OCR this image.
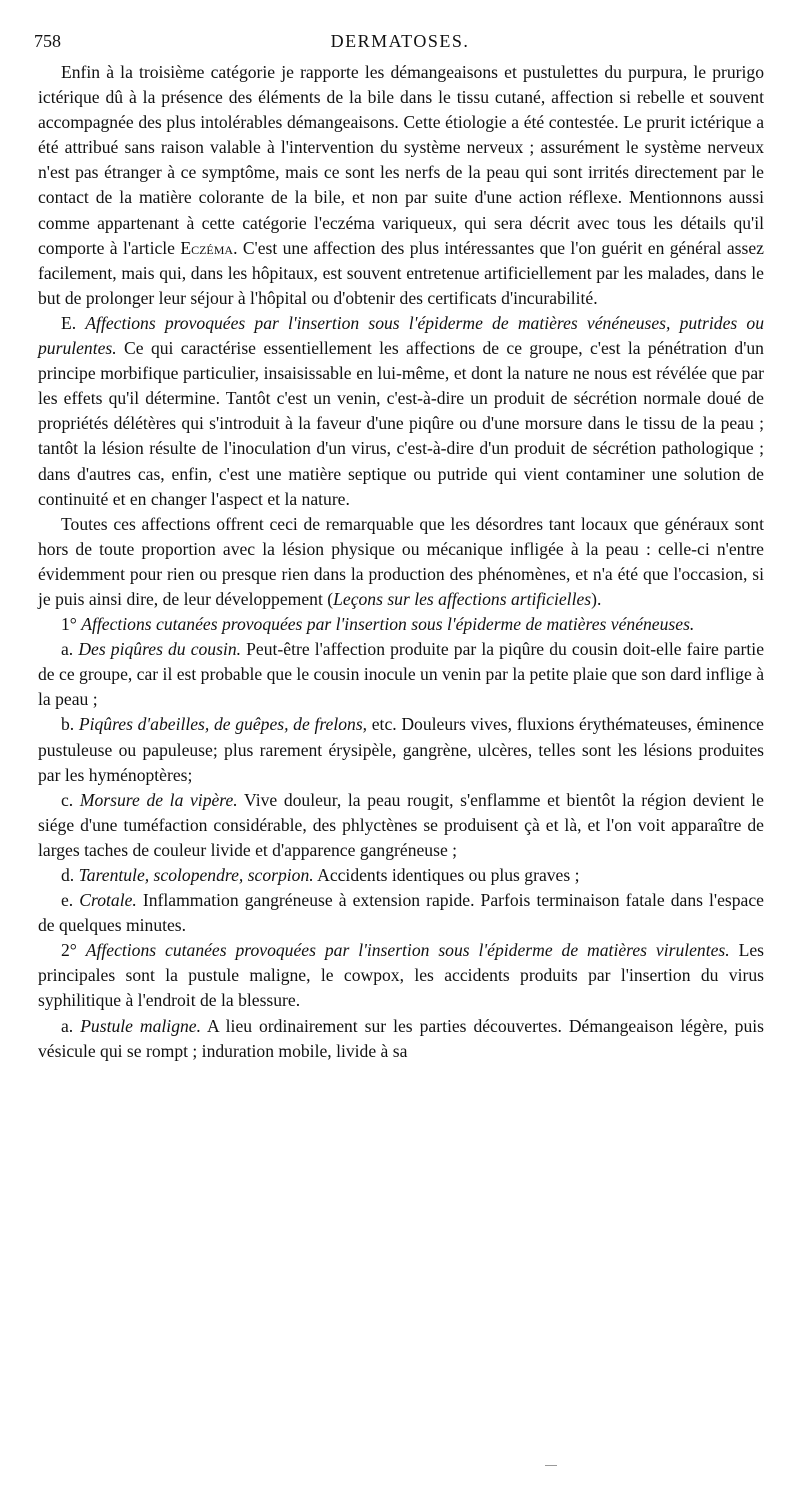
758	DERMATOSES.

Enfin à la troisième catégorie je rapporte les démangeaisons et pustulettes du purpura, le prurigo ictérique dû à la présence des éléments de la bile dans le tissu cutané, affection si rebelle et souvent accompagnée des plus intolérables démangeaisons. Cette étiologie a été contestée. Le prurit ictérique a été attribué sans raison valable à l'intervention du système nerveux ; assurément le système nerveux n'est pas étranger à ce symptôme, mais ce sont les nerfs de la peau qui sont irrités directement par le contact de la matière colorante de la bile, et non par suite d'une action réflexe. Mentionnons aussi comme appartenant à cette catégorie l'eczéma variqueux, qui sera décrit avec tous les détails qu'il comporte à l'article Eczéma. C'est une affection des plus intéressantes que l'on guérit en général assez facilement, mais qui, dans les hôpitaux, est souvent entretenue artificiellement par les malades, dans le but de prolonger leur séjour à l'hôpital ou d'obtenir des certificats d'incurabilité.

E. Affections provoquées par l'insertion sous l'épiderme de matières vénéneuses, putrides ou purulentes. Ce qui caractérise essentiellement les affections de ce groupe, c'est la pénétration d'un principe morbifique particulier, insaisissable en lui-même, et dont la nature ne nous est révélée que par les effets qu'il détermine. Tantôt c'est un venin, c'est-à-dire un produit de sécrétion normale doué de propriétés délétères qui s'introduit à la faveur d'une piqûre ou d'une morsure dans le tissu de la peau ; tantôt la lésion résulte de l'inoculation d'un virus, c'est-à-dire d'un produit de sécrétion pathologique ; dans d'autres cas, enfin, c'est une matière septique ou putride qui vient contaminer une solution de continuité et en changer l'aspect et la nature.

Toutes ces affections offrent ceci de remarquable que les désordres tant locaux que généraux sont hors de toute proportion avec la lésion physique ou mécanique infligée à la peau : celle-ci n'entre évidemment pour rien ou presque rien dans la production des phénomènes, et n'a été que l'occasion, si je puis ainsi dire, de leur développement (Leçons sur les affections artificielles).

1° Affections cutanées provoquées par l'insertion sous l'épiderme de matières vénéneuses.

a. Des piqûres du cousin. Peut-être l'affection produite par la piqûre du cousin doit-elle faire partie de ce groupe, car il est probable que le cousin inocule un venin par la petite plaie que son dard inflige à la peau ;

b. Piqûres d'abeilles, de guêpes, de frelons, etc. Douleurs vives, fluxions érythémateuses, éminence pustuleuse ou papuleuse; plus rarement érysipèle, gangrène, ulcères, telles sont les lésions produites par les hyménoptères;

c. Morsure de la vipère. Vive douleur, la peau rougit, s'enflamme et bientôt la région devient le siége d'une tuméfaction considérable, des phlyctènes se produisent çà et là, et l'on voit apparaître de larges taches de couleur livide et d'apparence gangréneuse ;

d. Tarentule, scolopendre, scorpion. Accidents identiques ou plus graves ;

e. Crotale. Inflammation gangréneuse à extension rapide. Parfois terminaison fatale dans l'espace de quelques minutes.

2° Affections cutanées provoquées par l'insertion sous l'épiderme de matières virulentes. Les principales sont la pustule maligne, le cowpox, les accidents produits par l'insertion du virus syphilitique à l'endroit de la blessure.

a. Pustule maligne. A lieu ordinairement sur les parties découvertes. Démangeaison légère, puis vésicule qui se rompt ; induration mobile, livide à sa
